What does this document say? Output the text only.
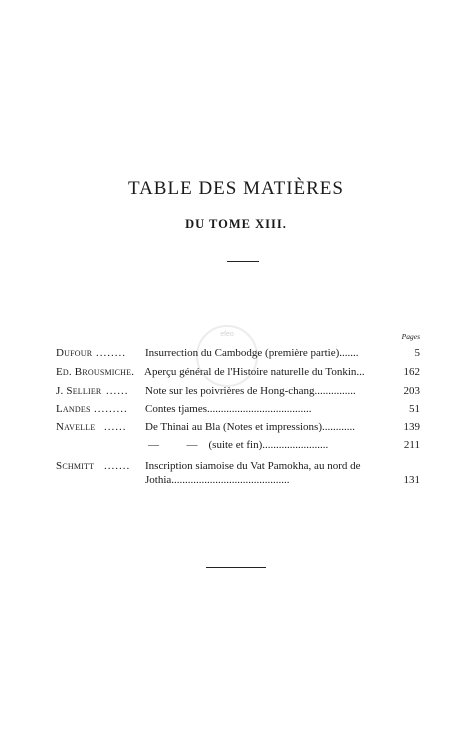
efeo
TABLE DES MATIÈRES
DU TOME XIII.
Pages
Dufour ........ Insurrection du Cambodge (première partie).......	5
Ed. Brousmiche. Aperçu général de l'Histoire naturelle du Tonkin...	162
J. Sellier ...... Note sur les poivrières de Hong-chang...............	203
Landes ......... Contes tjames......................................	51
Navelle ...... De Thinai au Bla (Notes et impressions)............	139
—          —    (suite et fin)........................	211
Schmitt ....... Inscription siamoise du Vat Pamokha, au nord de
Jothia...........................................	131
